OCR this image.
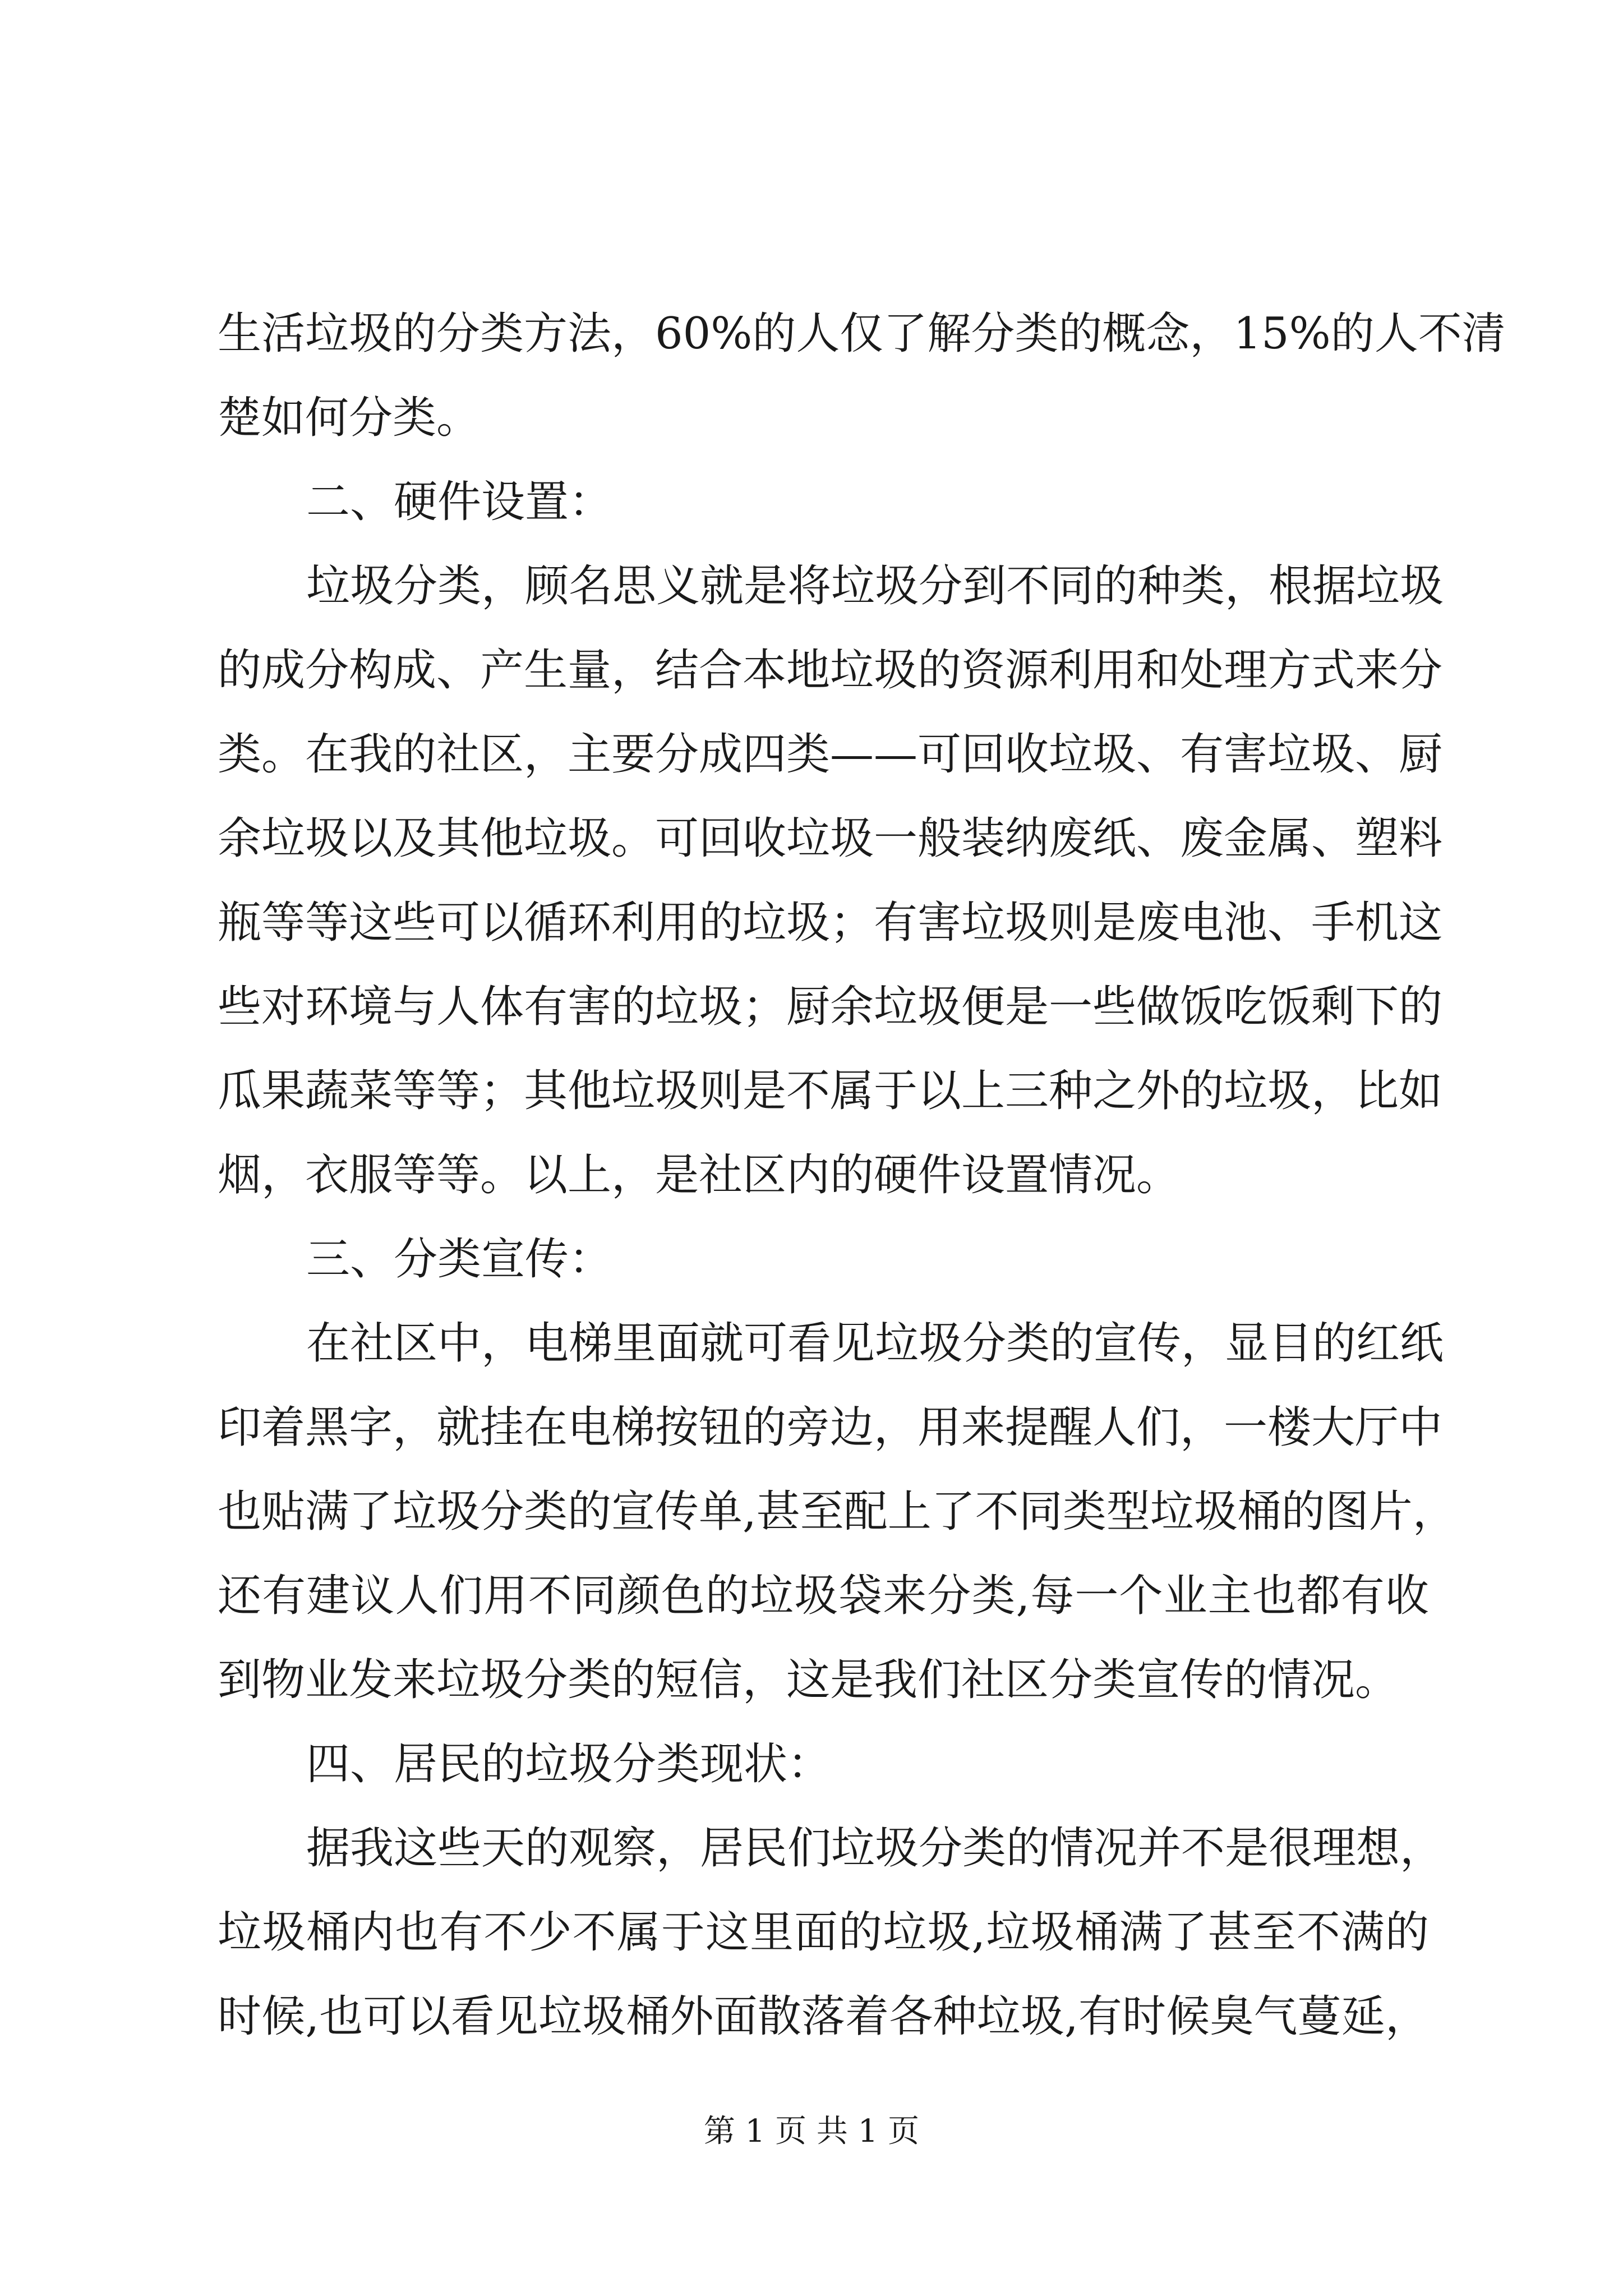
生活垃圾的分类方法，60%的人仅了解分类的概念，15%的人不清
楚如何分类。
二、硬件设置：
垃圾分类，顾名思义就是将垃圾分到不同的种类，根据垃圾
的成分构成、产生量，结合本地垃圾的资源利用和处理方式来分
类。在我的社区，主要分成四类——可回收垃圾、有害垃圾、厨
余垃圾以及其他垃圾。可回收垃圾一般装纳废纸、废金属、塑料
瓶等等这些可以循环利用的垃圾；有害垃圾则是废电池、手机这
些对环境与人体有害的垃圾；厨余垃圾便是一些做饭吃饭剩下的
瓜果蔬菜等等；其他垃圾则是不属于以上三种之外的垃圾，比如
烟，衣服等等。以上，是社区内的硬件设置情况。
三、分类宣传：
在社区中，电梯里面就可看见垃圾分类的宣传，显目的红纸
印着黑字，就挂在电梯按钮的旁边，用来提醒人们，一楼大厅中
也贴满了垃圾分类的宣传单,甚至配上了不同类型垃圾桶的图片，
还有建议人们用不同颜色的垃圾袋来分类,每一个业主也都有收
到物业发来垃圾分类的短信，这是我们社区分类宣传的情况。
四、居民的垃圾分类现状：
据我这些天的观察，居民们垃圾分类的情况并不是很理想，
垃圾桶内也有不少不属于这里面的垃圾,垃圾桶满了甚至不满的
时候,也可以看见垃圾桶外面散落着各种垃圾,有时候臭气蔓延，
第 1 页 共 1 页
